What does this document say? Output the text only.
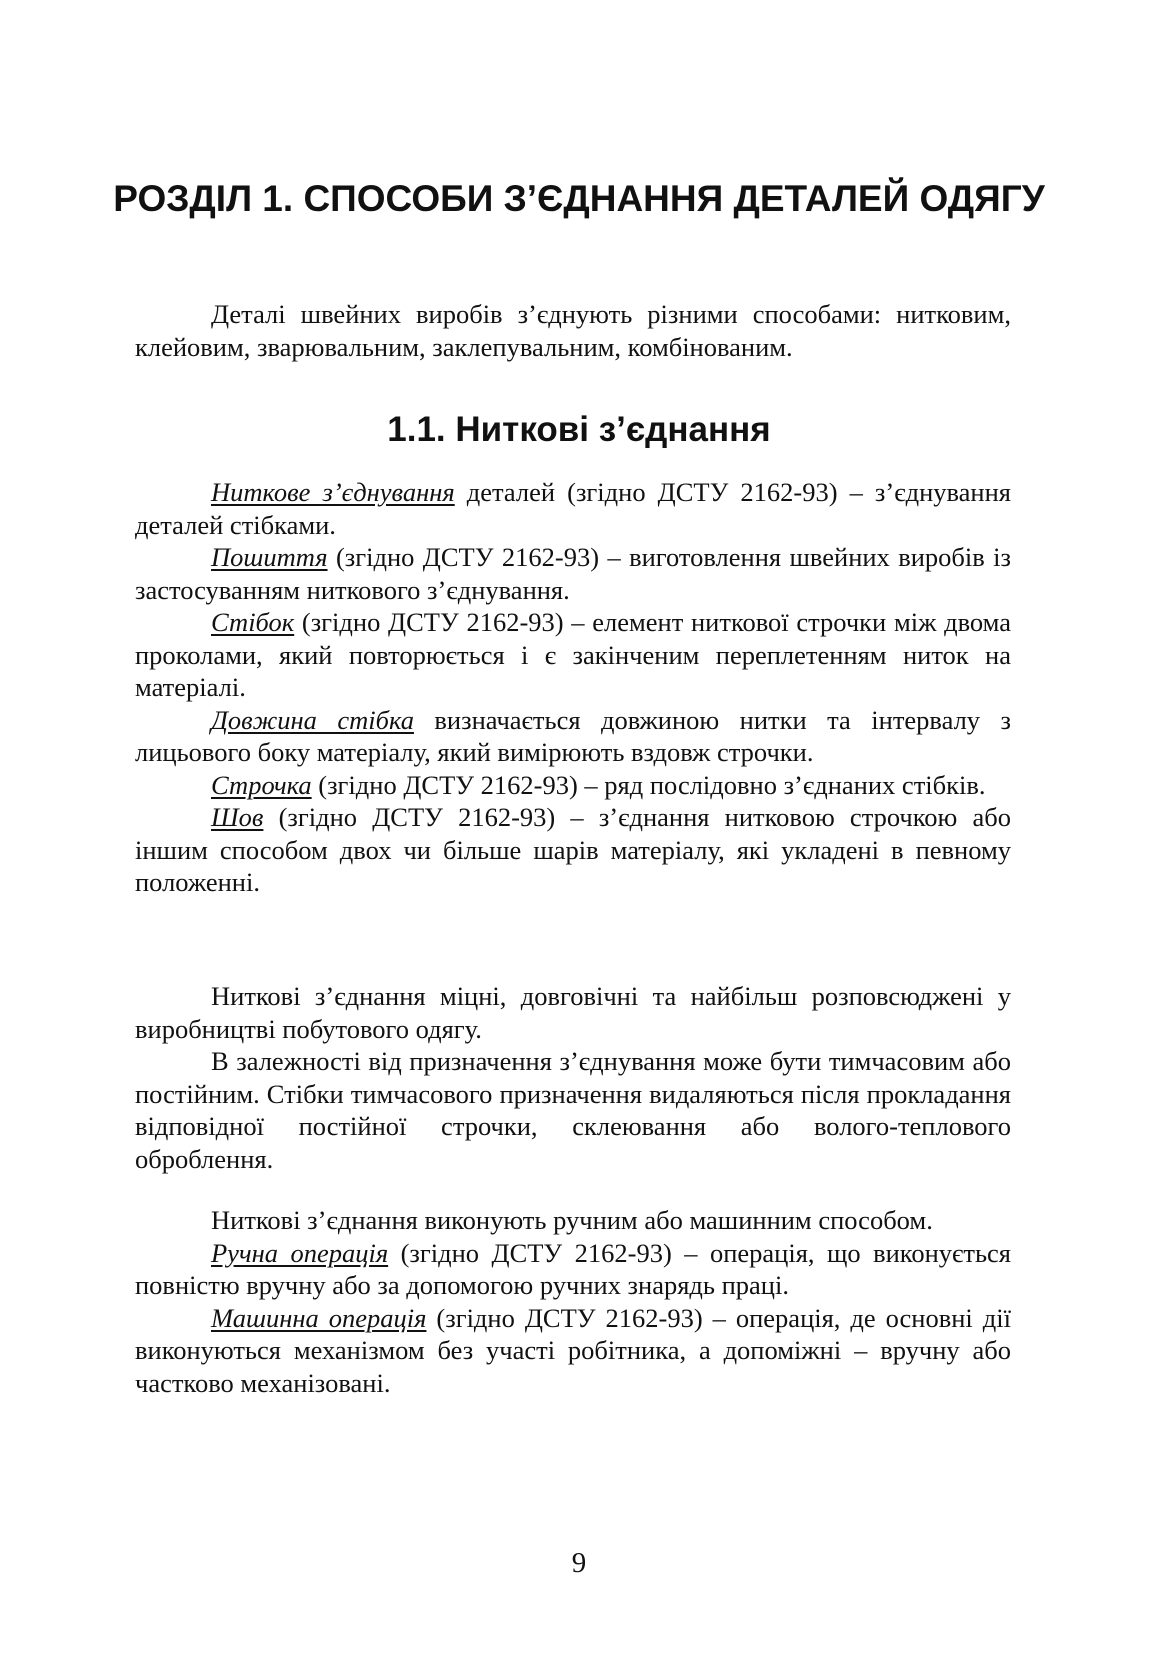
РОЗДІЛ 1. СПОСОБИ З’ЄДНАННЯ ДЕТАЛЕЙ ОДЯГУ

Деталі швейних виробів з’єднують різними способами: нитковим, клейовим, зварювальним, заклепувальним, комбінованим.

1.1. Ниткові з’єднання

Ниткове з’єднування деталей (згідно ДСТУ 2162-93) – з’єднування деталей стібками.

Пошиття (згідно ДСТУ 2162-93) – виготовлення швейних виробів із застосуванням ниткового з’єднування.

Стібок (згідно ДСТУ 2162-93) – елемент ниткової строчки між двома проколами, який повторюється і є закінченим переплетенням ниток на матеріалі.

Довжина стібка визначається довжиною нитки та інтервалу з лицьового боку матеріалу, який вимірюють вздовж строчки.

Строчка (згідно ДСТУ 2162-93) – ряд послідовно з’єднаних стібків.

Шов (згідно ДСТУ 2162-93) – з’єднання нитковою строчкою або іншим способом двох чи більше шарів матеріалу, які укладені в певному положенні.

Ниткові з’єднання міцні, довговічні та найбільш розповсюджені у виробництві побутового одягу.

В залежності від призначення з’єднування може бути тимчасовим або постійним. Стібки тимчасового призначення видаляються після прокладання відповідної постійної строчки, склеювання або волого-теплового оброблення.

Ниткові з’єднання виконують ручним або машинним способом.

Ручна операція (згідно ДСТУ 2162-93) – операція, що виконується повністю вручну або за допомогою ручних знарядь праці.

Машинна операція (згідно ДСТУ 2162-93) – операція, де основні дії виконуються механізмом без участі робітника, а допоміжні – вручну або частково механізовані.

9
